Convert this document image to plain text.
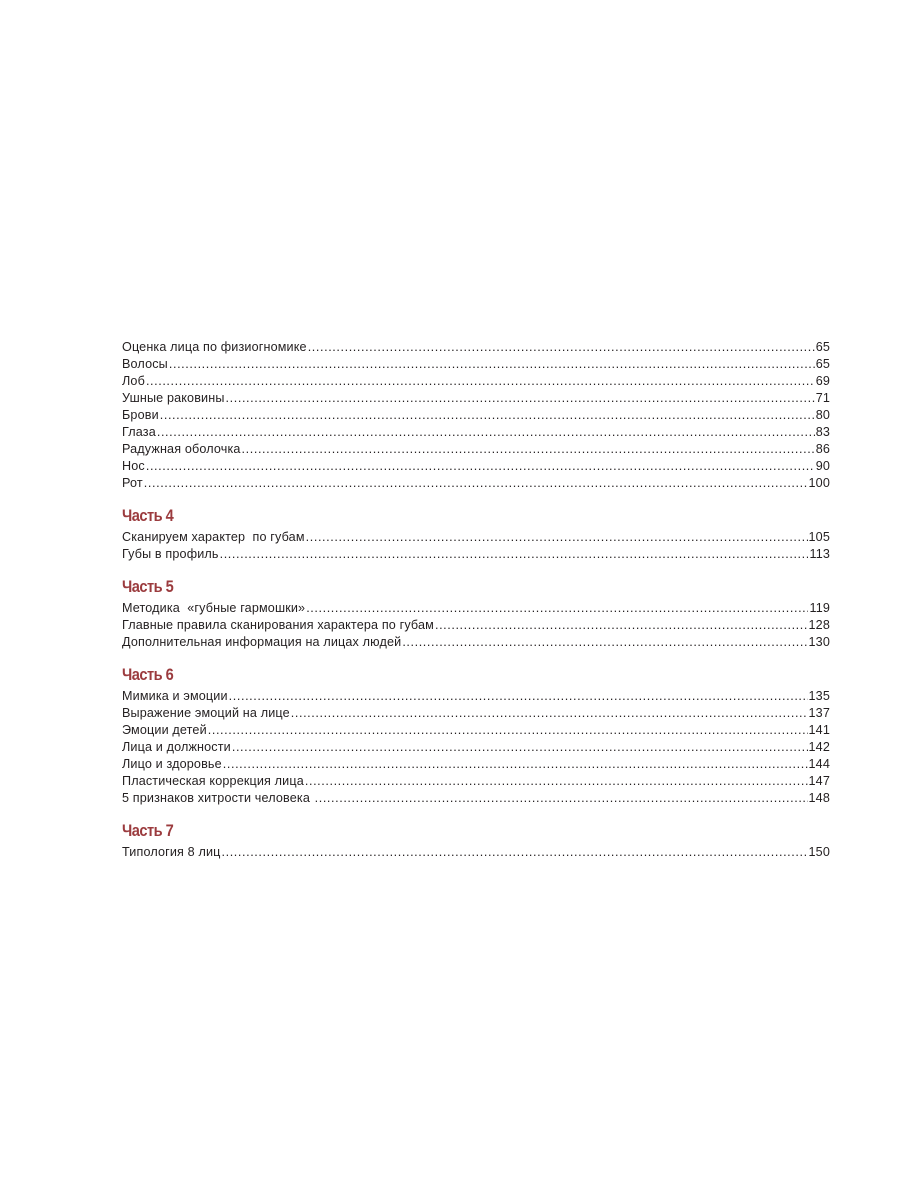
Оценка лица по физиогномике .....	65
Волосы .....	65
Лоб .....	69
Ушные раковины .....	71
Брови .....	80
Глаза .....	83
Радужная оболочка .....	86
Нос .....	90
Рот .....	100
Часть 4
Сканируем характер  по губам .....	105
Губы в профиль .....	113
Часть 5
Методика  «губные гармошки» .....	119
Главные правила сканирования характера по губам .....	128
Дополнительная информация на лицах людей .....	130
Часть 6
Мимика и эмоции .....	135
Выражение эмоций на лице .....	137
Эмоции детей .....	141
Лица и должности .....	142
Лицо и здоровье .....	144
Пластическая коррекция лица .....	147
5 признаков хитрости человека .....	148
Часть 7
Типология 8 лиц .....	150
